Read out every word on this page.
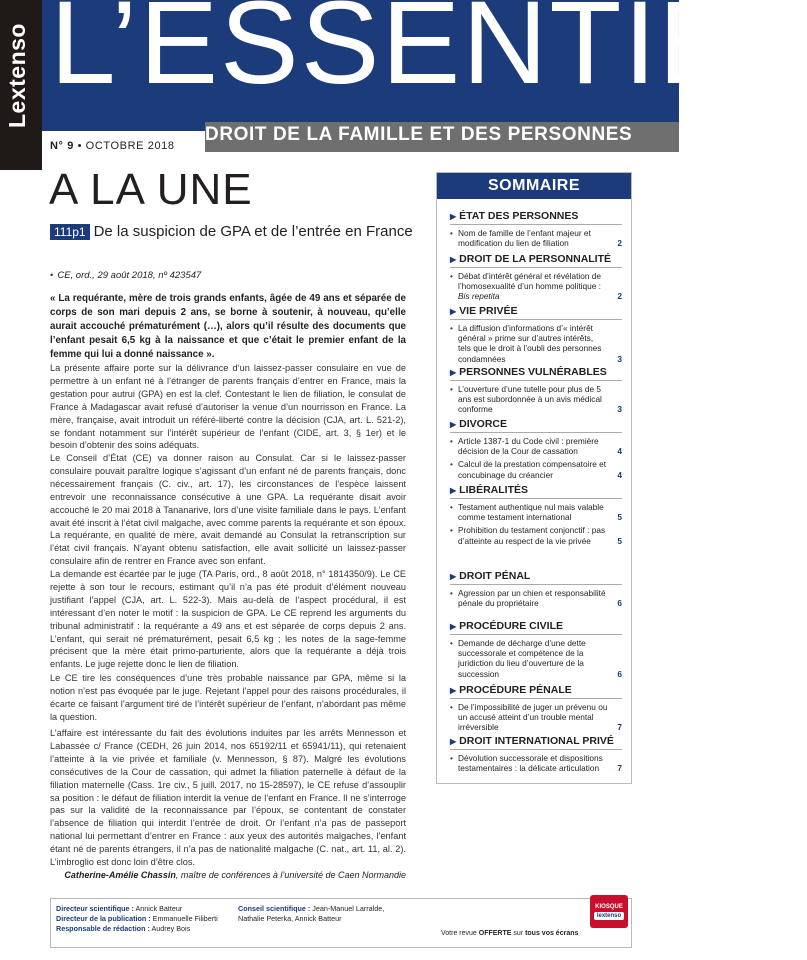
Lextenso L’ESSENTIEL
DROIT DE LA FAMILLE ET DES PERSONNES
N° 9 • OCTOBRE 2018
A LA UNE
111p1 De la suspicion de GPA et de l’entrée en France
• CE, ord., 29 août 2018, nº 423547
« La requérante, mère de trois grands enfants, âgée de 49 ans et séparée de corps de son mari depuis 2 ans, se borne à soutenir, à nouveau, qu’elle aurait accouché prématurément (…), alors qu’il résulte des documents que l’enfant pesait 6,5 kg à la naissance et que c’était le premier enfant de la femme qui lui a donné naissance ».

La présente affaire porte sur la délivrance d’un laissez-passer consulaire en vue de permettre à un enfant né à l’étranger de parents français d’entrer en France, mais la gestation pour autrui (GPA) en est la clef. Contestant le lien de filiation, le consulat de France à Madagascar avait refusé d’autoriser la venue d’un nourrisson en France. La mère, française, avait introduit un référé-liberté contre la décision (CJA, art. L. 521-2), se fondant notamment sur l’intérêt supérieur de l’enfant (CIDE, art. 3, § 1er) et le besoin d’obtenir des soins adéquats.

Le Conseil d’État (CE) va donner raison au Consulat. Car si le laissez-passer consulaire pouvait paraître logique s’agissant d’un enfant né de parents français, donc nécessairement français (C. civ., art. 17), les circonstances de l’espèce laissent entrevoir une reconnaissance consécutive à une GPA. La requérante disait avoir accouché le 20 mai 2018 à Tananarive, lors d’une visite familiale dans le pays. L’enfant avait été inscrit à l’état civil malgache, avec comme parents la requérante et son époux. La requérante, en qualité de mère, avait demandé au Consulat la retranscription sur l’état civil français. N’ayant obtenu satisfaction, elle avait sollicité un laissez-passer consulaire afin de rentrer en France avec son enfant.

La demande est écartée par le juge (TA Paris, ord., 8 août 2018, n° 1814350/9). Le CE rejette à son tour le recours, estimant qu’il n’a pas été produit d’élément nouveau justifiant l’appel (CJA, art. L. 522-3). Mais au-delà de l’aspect procédural, il est intéressant d’en noter le motif : la suspicion de GPA. Le CE reprend les arguments du tribunal administratif : la requérante a 49 ans et est séparée de corps depuis 2 ans. L’enfant, qui serait né prématurément, pesait 6,5 kg ; les notes de la sage-femme précisent que la mère était primo-parturiente, alors que la requérante a déjà trois enfants. Le juge rejette donc le lien de filiation.

Le CE tire les conséquences d’une très probable naissance par GPA, même si la notion n’est pas évoquée par le juge. Rejetant l’appel pour des raisons procédurales, il écarte ce faisant l’argument tiré de l’intérêt supérieur de l’enfant, n’abordant pas même la question.

L’affaire est intéressante du fait des évolutions induites par les arrêts Mennesson et Labassée c/ France (CEDH, 26 juin 2014, nos 65192/11 et 65941/11), qui retenaient l’atteinte à la vie privée et familiale (v. Mennesson, § 87). Malgré les évolutions consécutives de la Cour de cassation, qui admet la filiation paternelle à défaut de la filiation maternelle (Cass. 1re civ., 5 juill. 2017, no 15-28597), le CE refuse d’assouplir sa position : le défaut de filiation interdit la venue de l’enfant en France. Il ne s’interroge pas sur la validité de la reconnaissance par l’époux, se contentant de constater l’absence de filiation qui interdit l’entrée de droit. Or l’enfant n’a pas de passeport national lui permettant d’entrer en France : aux yeux des autorités malgaches, l’enfant étant né de parents étrangers, il n’a pas de nationalité malgache (C. nat., art. 11, al. 2). L’imbroglio est donc loin d’être clos.

Catherine-Amélie Chassin, maître de conférences à l’université de Caen Normandie
SOMMAIRE
▶ ÉTAT DES PERSONNES
• Nom de famille de l’enfant majeur et modification du lien de filiation	2
▶ DROIT DE LA PERSONNALITÉ
• Débat d’intérêt général et révélation de l’homosexualité d’un homme politique : Bis repetita	2
▶ VIE PRIVÉE
• La diffusion d’informations d’« intérêt général » prime sur d’autres intérêts, tels que le droit à l’oubli des personnes condamnées	3
▶ PERSONNES VULNÉRABLES
• L’ouverture d’une tutelle pour plus de 5 ans est subordonnée à un avis médical conforme	3
▶ DIVORCE
• Article 1387-1 du Code civil : première décision de la Cour de cassation	4
• Calcul de la prestation compensatoire et concubinage du créancier	4
▶ LIBÉRALITÉS
• Testament authentique nul mais valable comme testament international	5
• Prohibition du testament conjonctif : pas d’atteinte au respect de la vie privée	5
▶ DROIT PÉNAL
• Agression par un chien et responsabilité pénale du propriétaire	6
▶ PROCÉDURE CIVILE
• Demande de décharge d’une dette successorale et compétence de la juridiction du lieu d’ouverture de la succession	6
▶ PROCÉDURE PÉNALE
• De l’impossibilité de juger un prévenu ou un accusé atteint d’un trouble mental irréversible	7
▶ DROIT INTERNATIONAL PRIVÉ
• Dévolution successorale et dispositions testamentaires : la délicate articulation 7
Directeur scientifique : Annick Batteur
Directeur de la publication : Emmanuelle Filiberti
Responsable de rédaction : Audrey Bois
Conseil scientifique : Jean-Manuel Larralde, Nathalie Peterka, Annick Batteur
KIOSQUE
lextenso
Votre revue OFFERTE sur tous vos écrans
